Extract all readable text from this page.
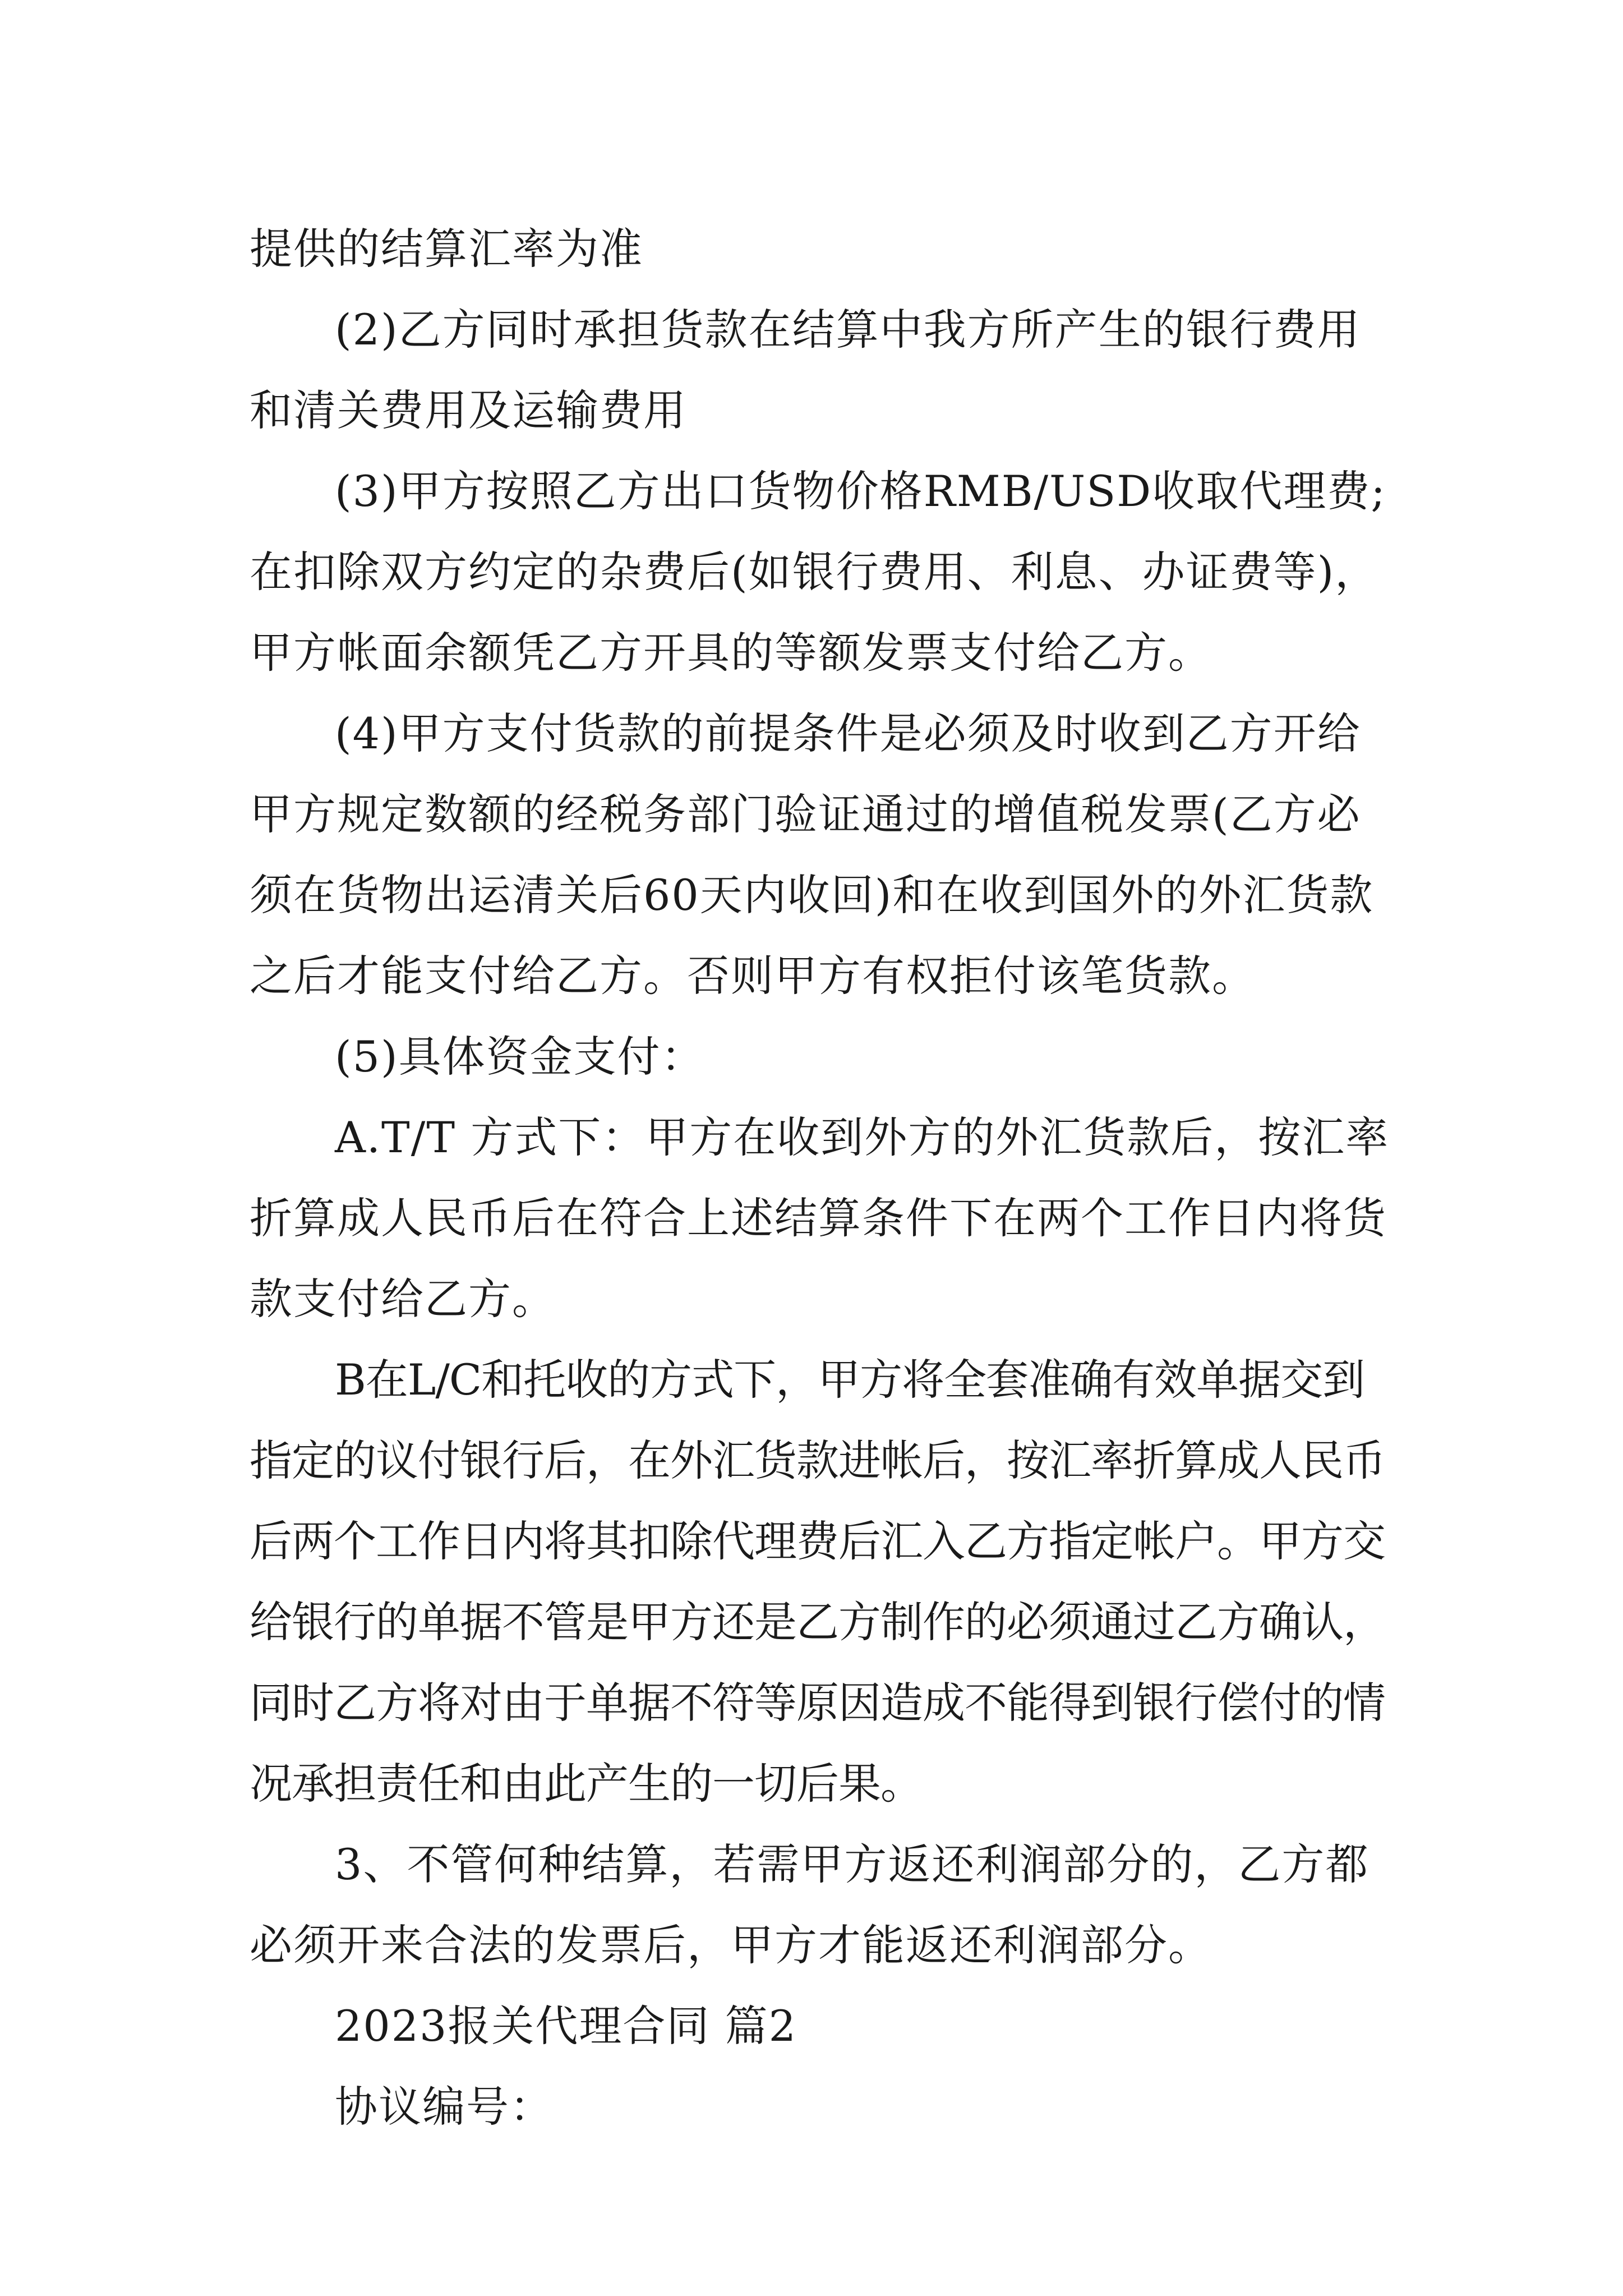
提供的结算汇率为准

(2)乙方同时承担货款在结算中我方所产生的银行费用和清关费用及运输费用

(3)甲方按照乙方出口货物价格RMB/USD收取代理费;在扣除双方约定的杂费后(如银行费用、利息、办证费等)，甲方帐面余额凭乙方开具的等额发票支付给乙方。

(4)甲方支付货款的前提条件是必须及时收到乙方开给甲方规定数额的经税务部门验证通过的增值税发票(乙方必须在货物出运清关后60天内收回)和在收到国外的外汇货款之后才能支付给乙方。否则甲方有权拒付该笔货款。

(5)具体资金支付：

A.T/T 方式下：甲方在收到外方的外汇货款后，按汇率折算成人民币后在符合上述结算条件下在两个工作日内将货款支付给乙方。

B在L/C和托收的方式下，甲方将全套准确有效单据交到指定的议付银行后，在外汇货款进帐后，按汇率折算成人民币后两个工作日内将其扣除代理费后汇入乙方指定帐户。甲方交给银行的单据不管是甲方还是乙方制作的必须通过乙方确认，同时乙方将对由于单据不符等原因造成不能得到银行偿付的情况承担责任和由此产生的一切后果。

3、不管何种结算，若需甲方返还利润部分的，乙方都必须开来合法的发票后，甲方才能返还利润部分。

2023报关代理合同 篇2

协议编号：
